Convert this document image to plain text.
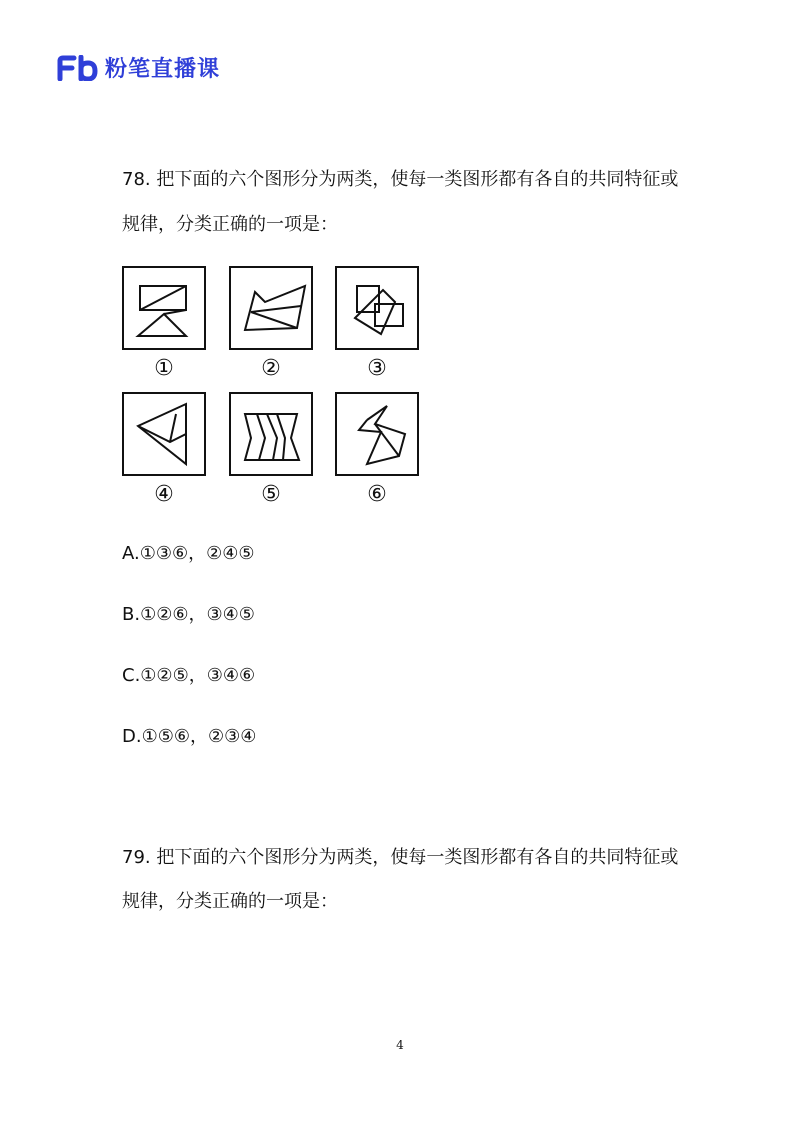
粉笔直播课
78. 把下面的六个图形分为两类，使每一类图形都有各自的共同特征或
规律，分类正确的一项是：
①	②	③
④	⑤	⑥
A.①③⑥，②④⑤
B.①②⑥，③④⑤
C.①②⑤，③④⑥
D.①⑤⑥，②③④
79. 把下面的六个图形分为两类，使每一类图形都有各自的共同特征或
规律，分类正确的一项是：
4
